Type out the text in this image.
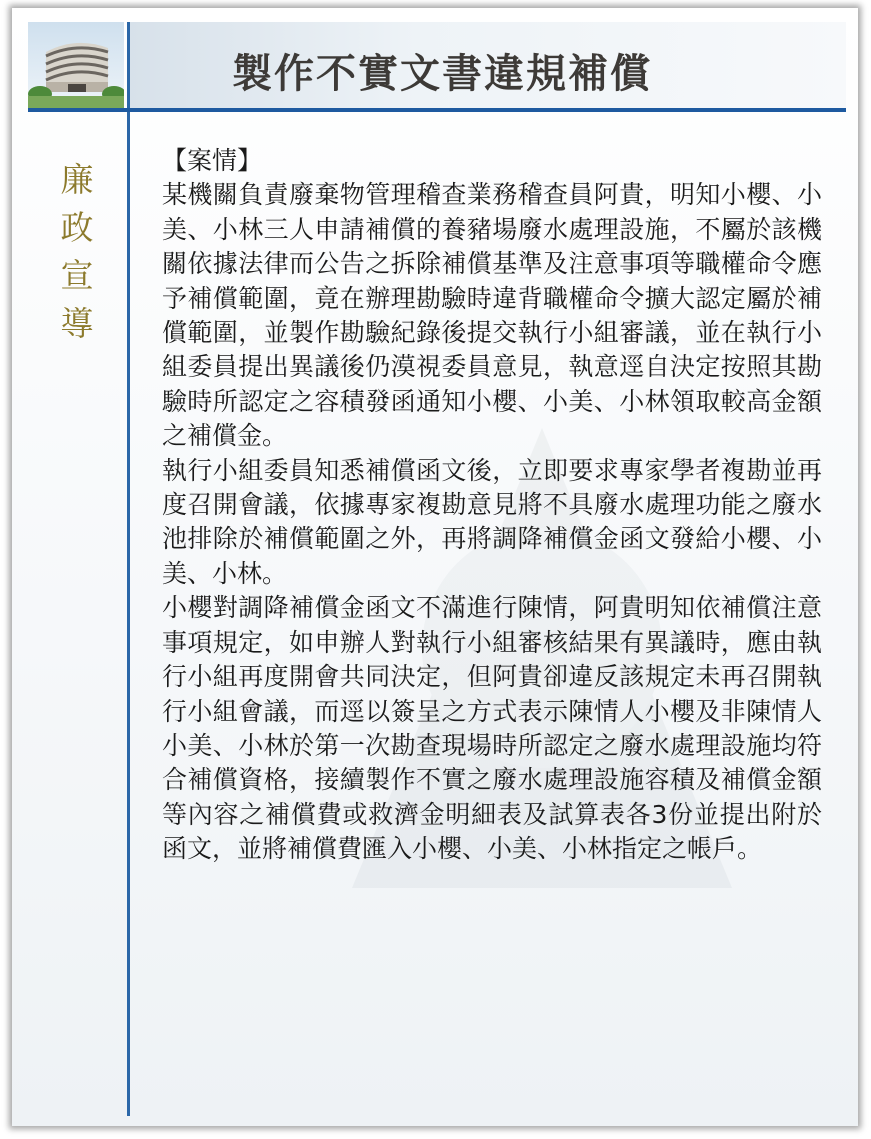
製作不實文書違規補償
廉
政
宣
導
【案情】

某機關負責廢棄物管理稽查業務稽查員阿貴，明知小櫻、小美、小林三人申請補償的養豬場廢水處理設施，不屬於該機關依據法律而公告之拆除補償基準及注意事項等職權命令應予補償範圍，竟在辦理勘驗時違背職權命令擴大認定屬於補償範圍，並製作勘驗紀錄後提交執行小組審議，並在執行小組委員提出異議後仍漠視委員意見，執意逕自決定按照其勘驗時所認定之容積發函通知小櫻、小美、小林領取較高金額之補償金。

執行小組委員知悉補償函文後，立即要求專家學者複勘並再度召開會議，依據專家複勘意見將不具廢水處理功能之廢水池排除於補償範圍之外，再將調降補償金函文發給小櫻、小美、小林。

小櫻對調降補償金函文不滿進行陳情，阿貴明知依補償注意事項規定，如申辦人對執行小組審核結果有異議時，應由執行小組再度開會共同決定，但阿貴卻違反該規定未再召開執行小組會議，而逕以簽呈之方式表示陳情人小櫻及非陳情人小美、小林於第一次勘查現場時所認定之廢水處理設施均符合補償資格，接續製作不實之廢水處理設施容積及補償金額等內容之補償費或救濟金明細表及試算表各3份並提出附於函文，並將補償費匯入小櫻、小美、小林指定之帳戶。
